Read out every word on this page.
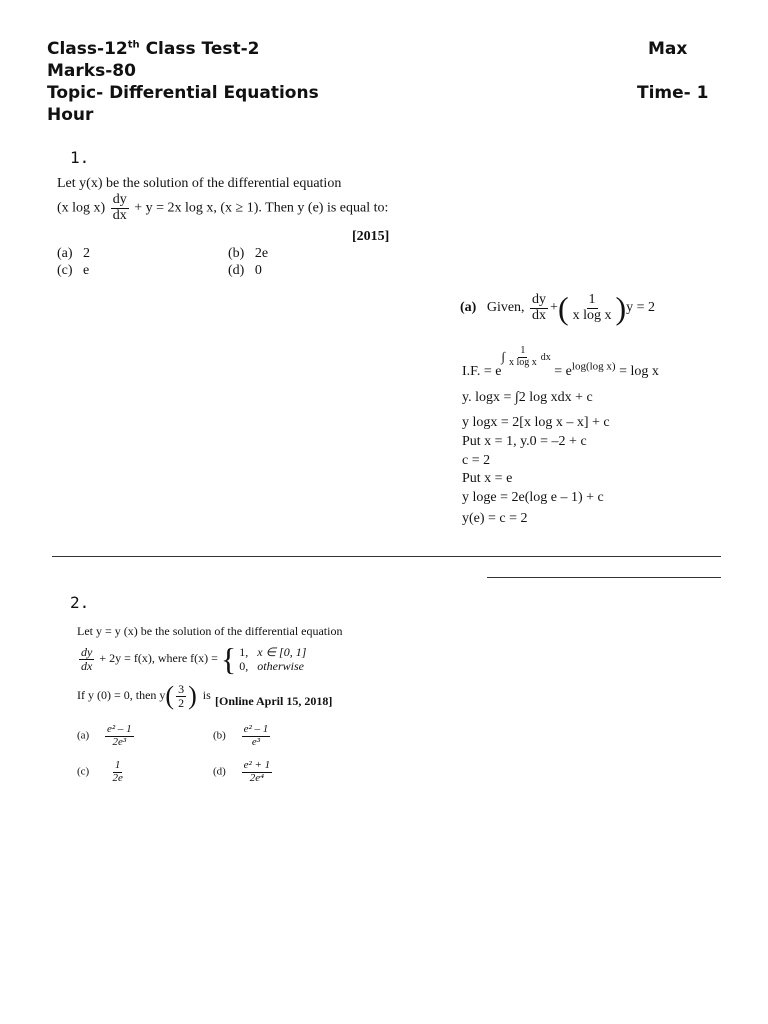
Class-12th Class Test-2	Max
Marks-80
Topic- Differential Equations	Time- 1
Hour
1.
Let y(x) be the solution of the differential equation
(x $\log x) \frac{dy}{dx} + y = 2x$ log x, (x ≥ 1). Then y (e) is equal to:
[2015]
(a) 2	(b) 2e
(c) e	(d) 0
(a) Given, $\frac{dy}{dx}$ +( $\frac{1}{\text{x log x}} )y = 2$
I.F. = e
∫ $\frac{1}{\text{x log x}}$ dx
= $e^{log(log x)} = \log x$
y. logx = ∫2 log xdx + c
y logx = 2[x log x – x] + c
Put x = 1, y.0 = –2 + c
c = 2
Put x = e
y loge = 2e(log e – 1) + c
y(e) = c = 2
2.
Let y = y (x) be the solution of the differential equation
$\frac{dy}{dx} + 2y = f(x)$, where f(x) = { 1, x ∈ [0, 1]
0, otherwise
If y (0) = 0, then $y( \frac{3}{2}$ ) is [Online April 15, 2018]
$(a) \frac{\text{e² – 1}}{\text{2e³}}$	$(b) \frac{\text{e² – 1}}{\text{e³}}$
$(c) \frac{1}{2e}$	$(d) \frac{\text{e² + 1}}{\text{2e⁴}}$
